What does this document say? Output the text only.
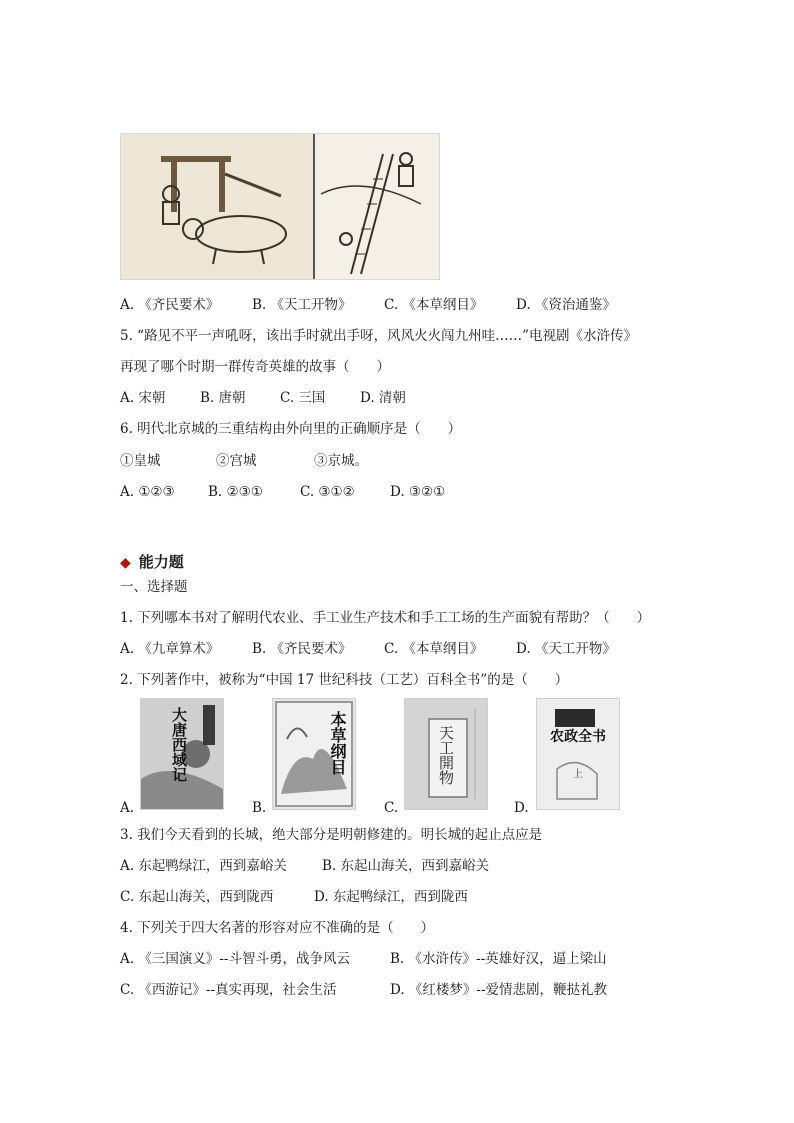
A. 《齐民要术》 B. 《天工开物》 C. 《本草纲目》 D. 《资治通鉴》
5. “路见不平一声吼呀，该出手时就出手呀，风风火火闯九州哇……”电视剧《水浒传》
再现了哪个时期一群传奇英雄的故事（　　）
A. 宋朝	B. 唐朝	C. 三国	D. 清朝
6. 明代北京城的三重结构由外向里的正确顺序是（　　）
①皇城	②宫城	③京城。
A. ①②③ B. ②③①	C. ③①②	D. ③②①
◆ 能力题
一、选择题
1. 下列哪本书对了解明代农业、手工业生产技术和手工工场的生产面貌有帮助？（　　）
A. 《九章算术》 B. 《齐民要术》 C. 《本草纲目》 D. 《天工开物》
2. 下列著作中，被称为“中国 17 世纪科技（工艺）百科全书”的是（　　）
大唐西域记	本草纲目	天工開物	农政全书
上
A.	B.	C.	D.
3. 我们今天看到的长城，绝大部分是明朝修建的。明长城的起止点应是
A. 东起鸭绿江，西到嘉峪关	B. 东起山海关，西到嘉峪关
C. 东起山海关，西到陇西	D. 东起鸭绿江，西到陇西
4. 下列关于四大名著的形容对应不准确的是（　　）
A. 《三国演义》--斗智斗勇，战争风云	B. 《水浒传》--英雄好汉，逼上梁山
C. 《西游记》--真实再现，社会生活	D. 《红楼梦》--爱情悲剧，鞭挞礼教
